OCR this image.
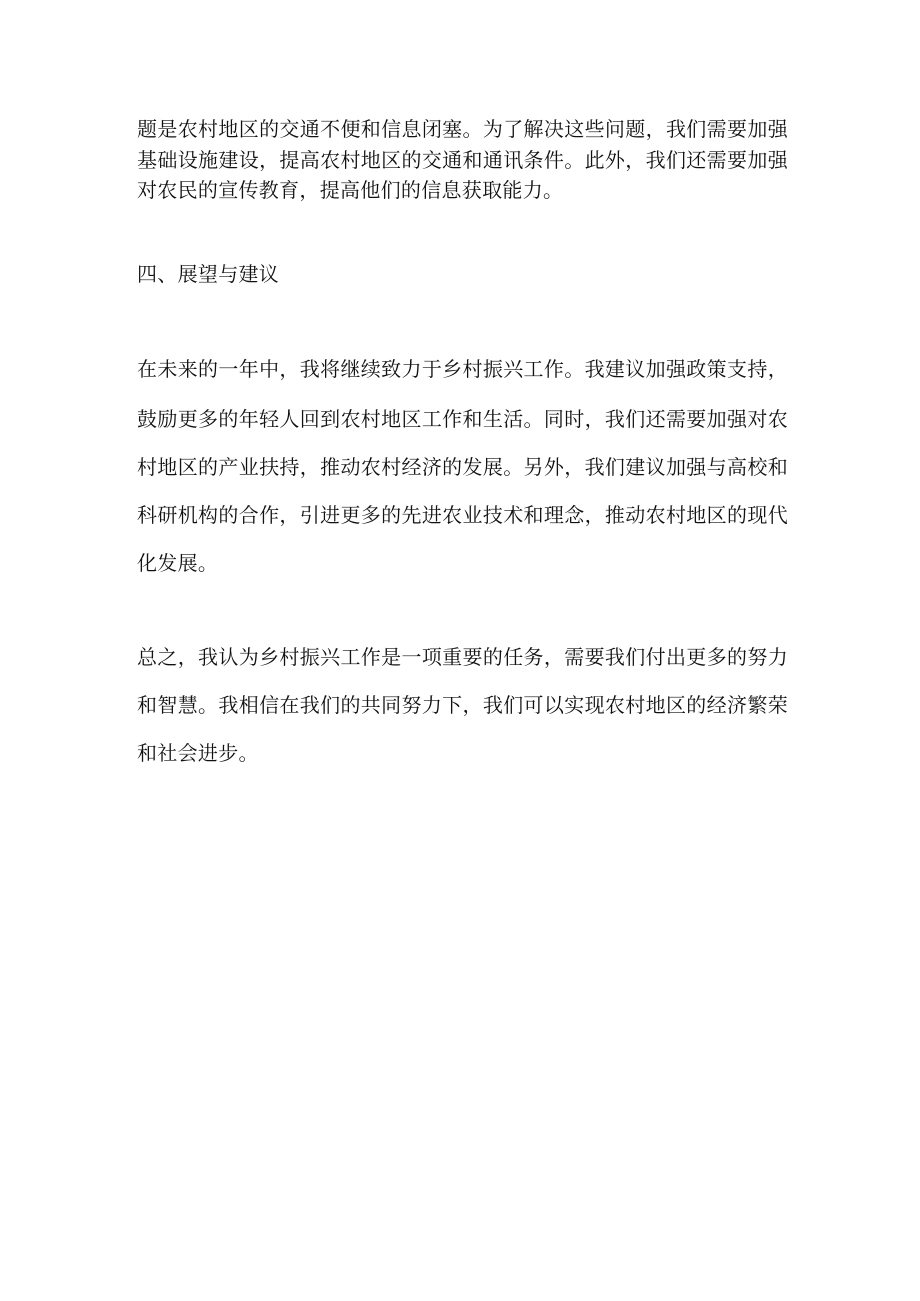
题是农村地区的交通不便和信息闭塞。为了解决这些问题，我们需要加强
基础设施建设，提高农村地区的交通和通讯条件。此外，我们还需要加强
对农民的宣传教育，提高他们的信息获取能力。
四、展望与建议
在未来的一年中，我将继续致力于乡村振兴工作。我建议加强政策支持，
鼓励更多的年轻人回到农村地区工作和生活。同时，我们还需要加强对农
村地区的产业扶持，推动农村经济的发展。另外，我们建议加强与高校和
科研机构的合作，引进更多的先进农业技术和理念，推动农村地区的现代
化发展。
总之，我认为乡村振兴工作是一项重要的任务，需要我们付出更多的努力
和智慧。我相信在我们的共同努力下，我们可以实现农村地区的经济繁荣
和社会进步。
